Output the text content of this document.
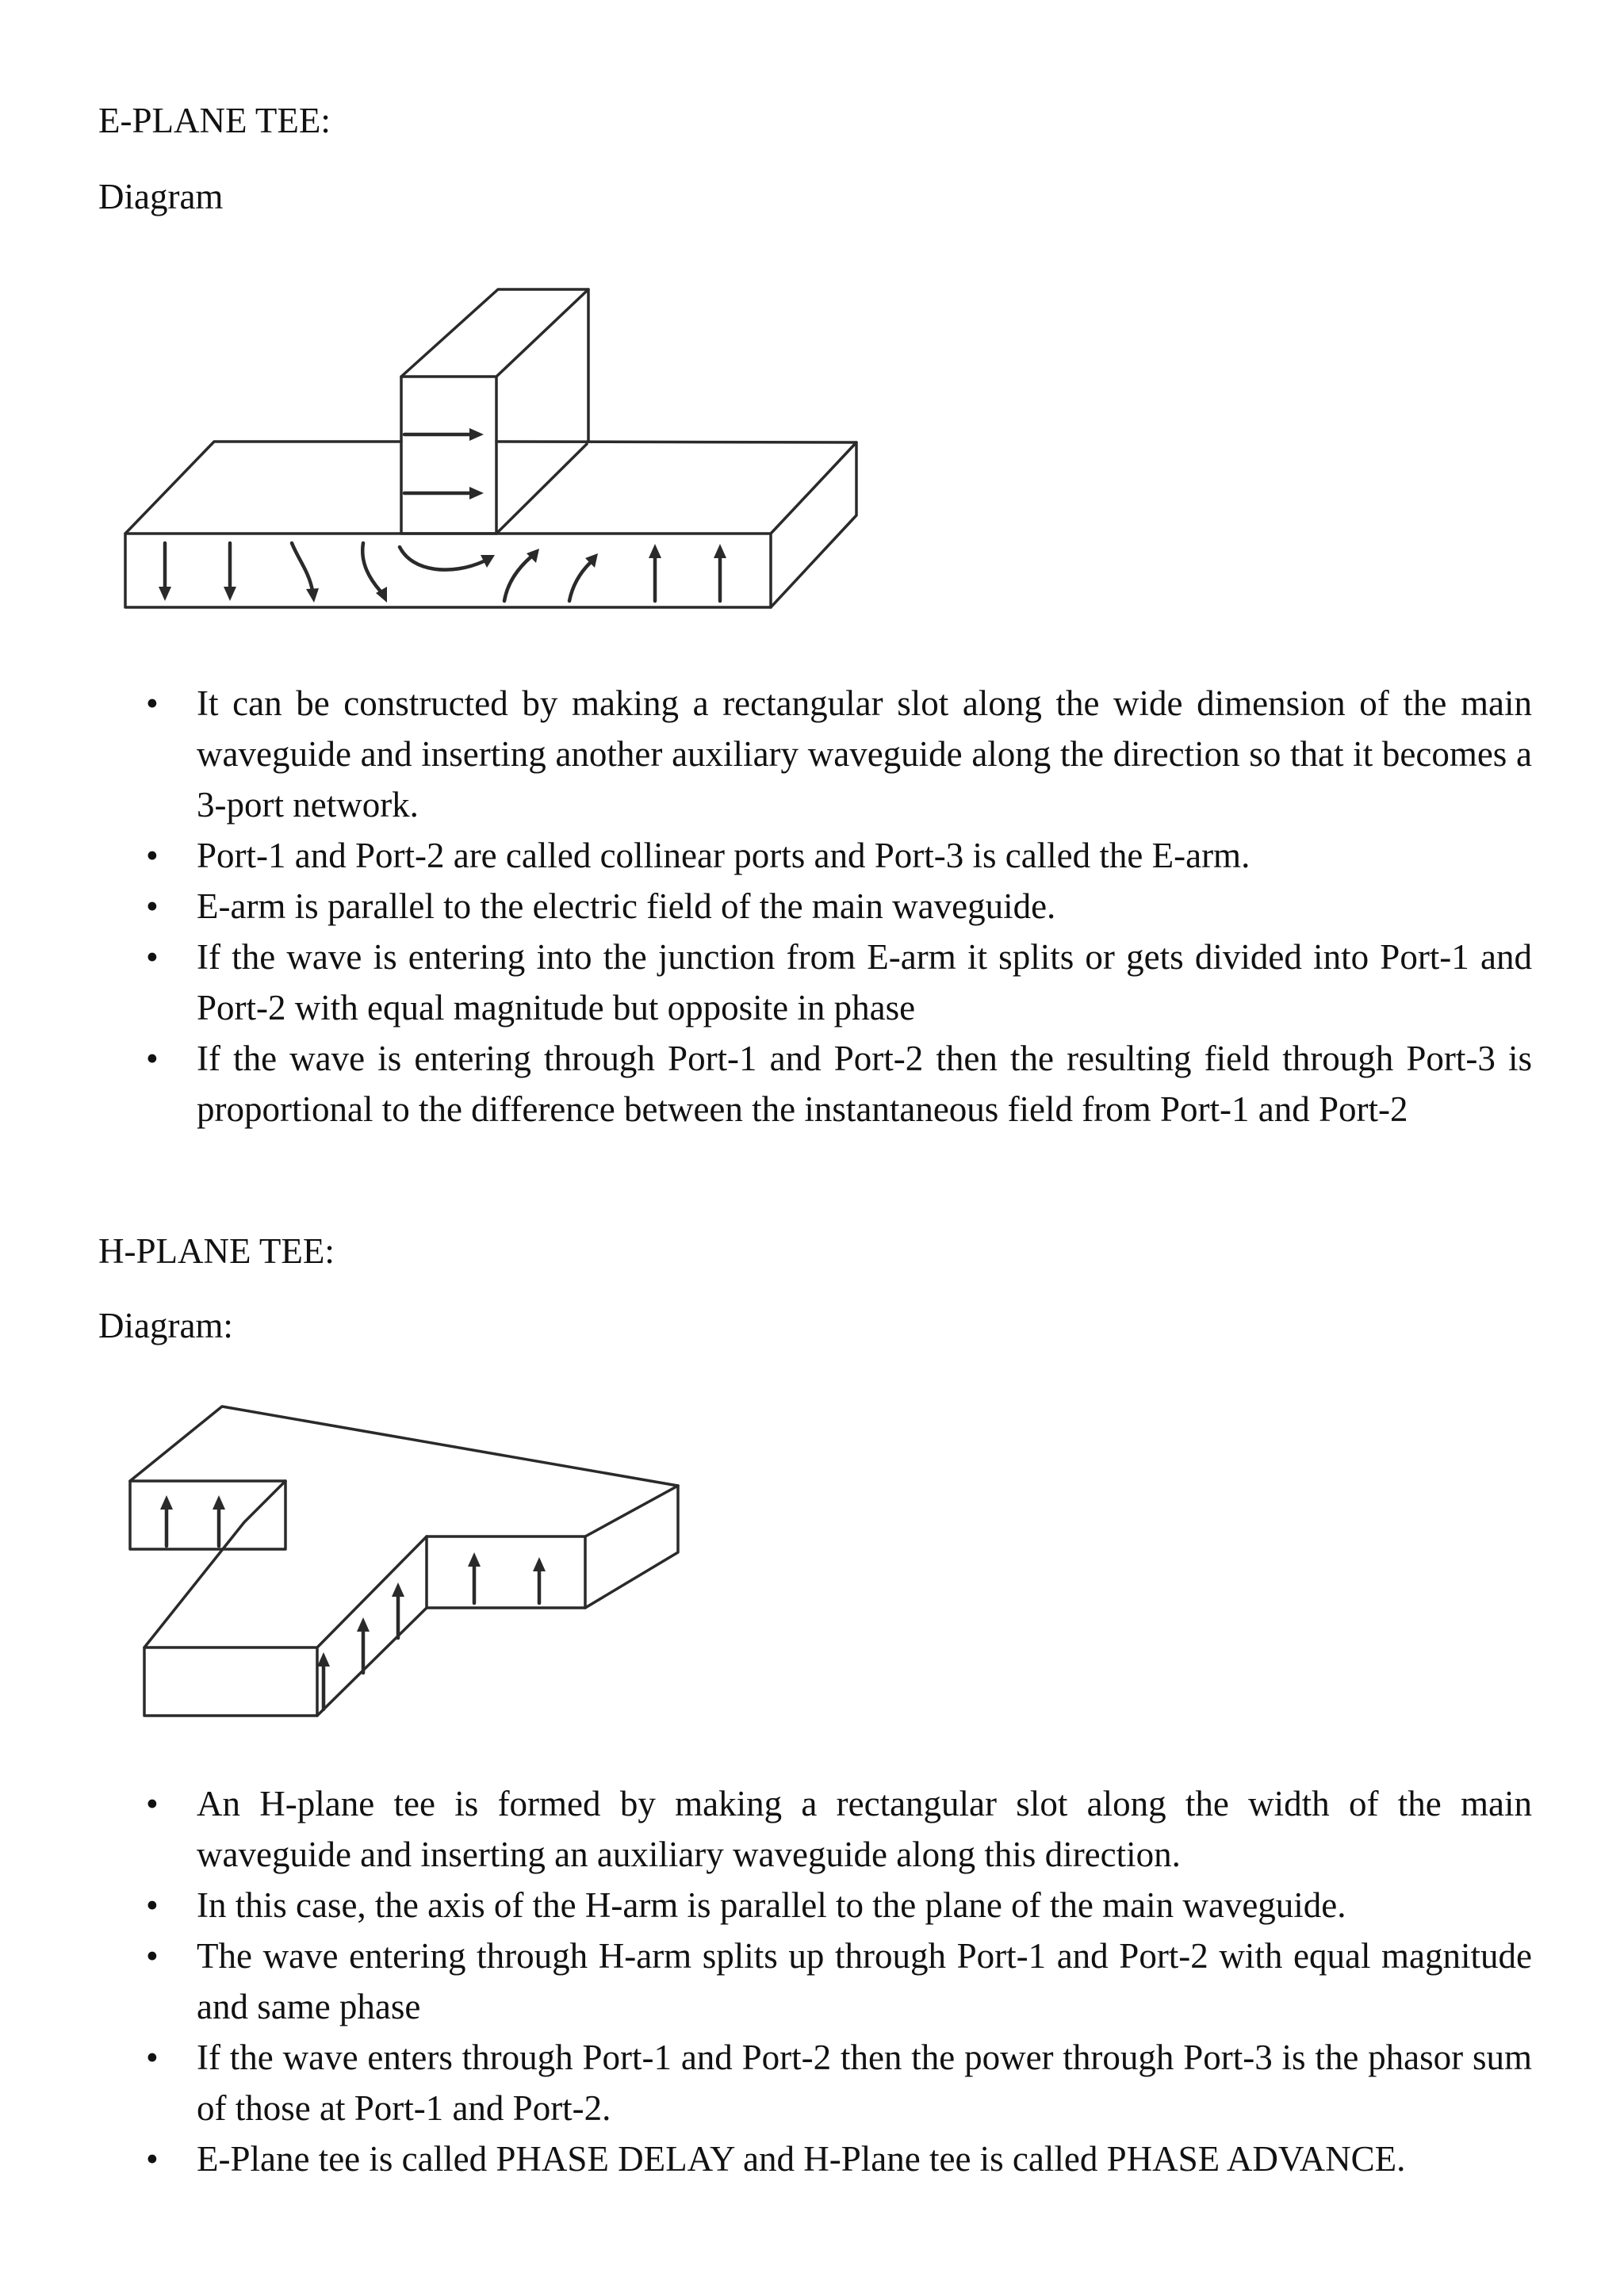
E-PLANE TEE:

Diagram

• It can be constructed by making a rectangular slot along the wide dimension of the main waveguide and inserting another auxiliary waveguide along the direction so that it becomes a 3-port network.
• Port-1 and Port-2 are called collinear ports and Port-3 is called the E-arm.
• E-arm is parallel to the electric field of the main waveguide.
• If the wave is entering into the junction from E-arm it splits or gets divided into Port-1 and Port-2 with equal magnitude but opposite in phase
• If the wave is entering through Port-1 and Port-2 then the resulting field through Port-3 is proportional to the difference between the instantaneous field from Port-1 and Port-2
H-PLANE TEE:

Diagram:

• An H-plane tee is formed by making a rectangular slot along the width of the main waveguide and inserting an auxiliary waveguide along this direction.
• In this case, the axis of the H-arm is parallel to the plane of the main waveguide.
• The wave entering through H-arm splits up through Port-1 and Port-2 with equal magnitude and same phase
• If the wave enters through Port-1 and Port-2 then the power through Port-3 is the phasor sum of those at Port-1 and Port-2.
• E-Plane tee is called PHASE DELAY and H-Plane tee is called PHASE ADVANCE.
